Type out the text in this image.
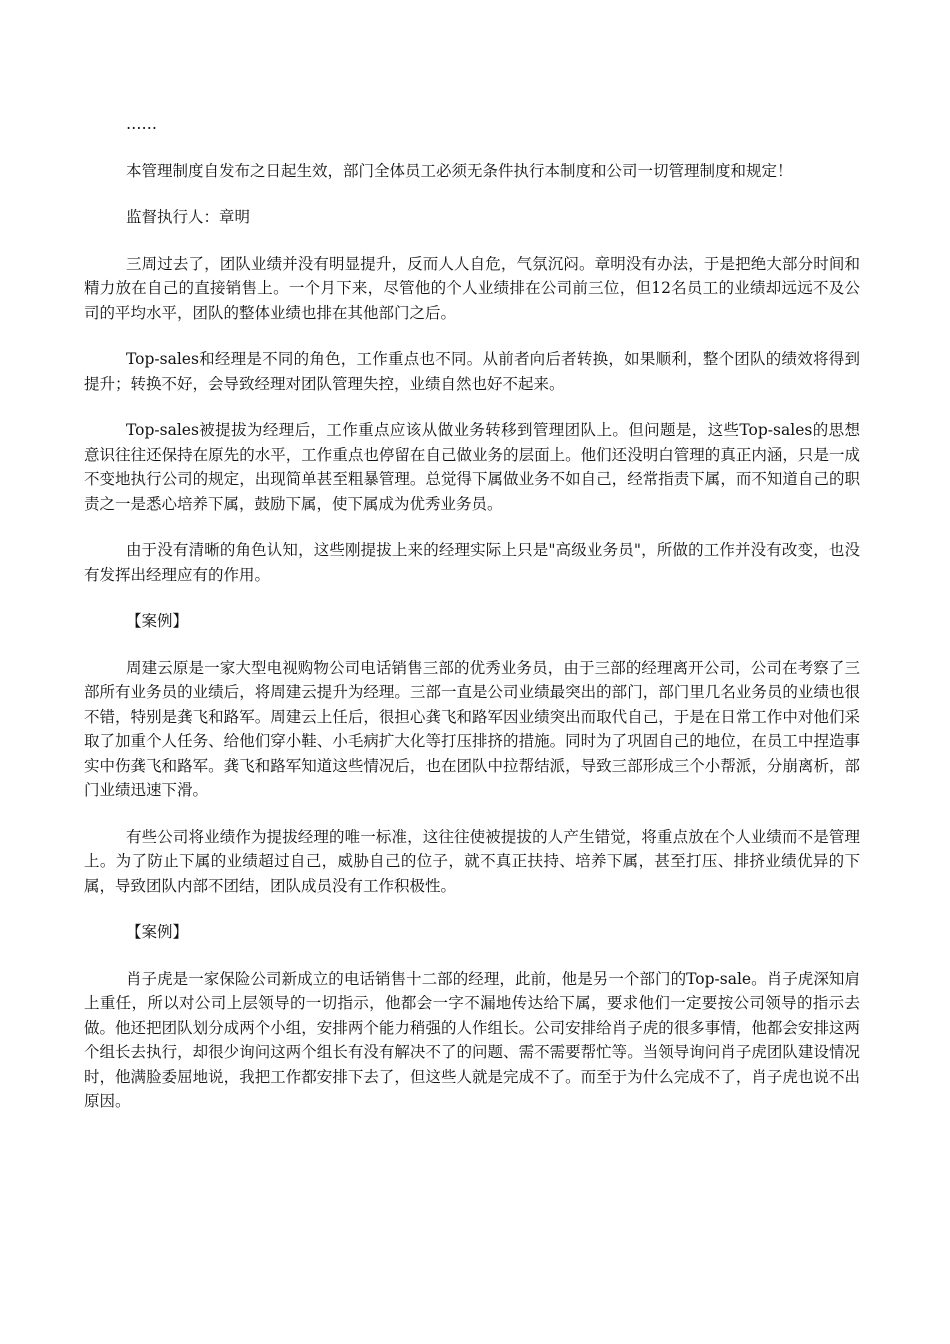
……

本管理制度自发布之日起生效，部门全体员工必须无条件执行本制度和公司一切管理制度和规定！

监督执行人：章明

三周过去了，团队业绩并没有明显提升，反而人人自危，气氛沉闷。章明没有办法，于是把绝大部分时间和精力放在自己的直接销售上。一个月下来，尽管他的个人业绩排在公司前三位，但12名员工的业绩却远远不及公司的平均水平，团队的整体业绩也排在其他部门之后。

Top-sales和经理是不同的角色，工作重点也不同。从前者向后者转换，如果顺利，整个团队的绩效将得到提升；转换不好，会导致经理对团队管理失控，业绩自然也好不起来。

Top-sales被提拔为经理后，工作重点应该从做业务转移到管理团队上。但问题是，这些Top-sales的思想意识往往还保持在原先的水平，工作重点也停留在自己做业务的层面上。他们还没明白管理的真正内涵，只是一成不变地执行公司的规定，出现简单甚至粗暴管理。总觉得下属做业务不如自己，经常指责下属，而不知道自己的职责之一是悉心培养下属，鼓励下属，使下属成为优秀业务员。

由于没有清晰的角色认知，这些刚提拔上来的经理实际上只是"高级业务员"，所做的工作并没有改变，也没有发挥出经理应有的作用。

【案例】

周建云原是一家大型电视购物公司电话销售三部的优秀业务员，由于三部的经理离开公司，公司在考察了三部所有业务员的业绩后，将周建云提升为经理。三部一直是公司业绩最突出的部门，部门里几名业务员的业绩也很不错，特别是龚飞和路军。周建云上任后，很担心龚飞和路军因业绩突出而取代自己，于是在日常工作中对他们采取了加重个人任务、给他们穿小鞋、小毛病扩大化等打压排挤的措施。同时为了巩固自己的地位，在员工中捏造事实中伤龚飞和路军。龚飞和路军知道这些情况后，也在团队中拉帮结派，导致三部形成三个小帮派，分崩离析，部门业绩迅速下滑。

有些公司将业绩作为提拔经理的唯一标准，这往往使被提拔的人产生错觉，将重点放在个人业绩而不是管理上。为了防止下属的业绩超过自己，威胁自己的位子，就不真正扶持、培养下属，甚至打压、排挤业绩优异的下属，导致团队内部不团结，团队成员没有工作积极性。

【案例】

肖子虎是一家保险公司新成立的电话销售十二部的经理，此前，他是另一个部门的Top-sale。肖子虎深知肩上重任，所以对公司上层领导的一切指示，他都会一字不漏地传达给下属，要求他们一定要按公司领导的指示去做。他还把团队划分成两个小组，安排两个能力稍强的人作组长。公司安排给肖子虎的很多事情，他都会安排这两个组长去执行，却很少询问这两个组长有没有解决不了的问题、需不需要帮忙等。当领导询问肖子虎团队建设情况时，他满脸委屈地说，我把工作都安排下去了，但这些人就是完成不了。而至于为什么完成不了，肖子虎也说不出原因。
